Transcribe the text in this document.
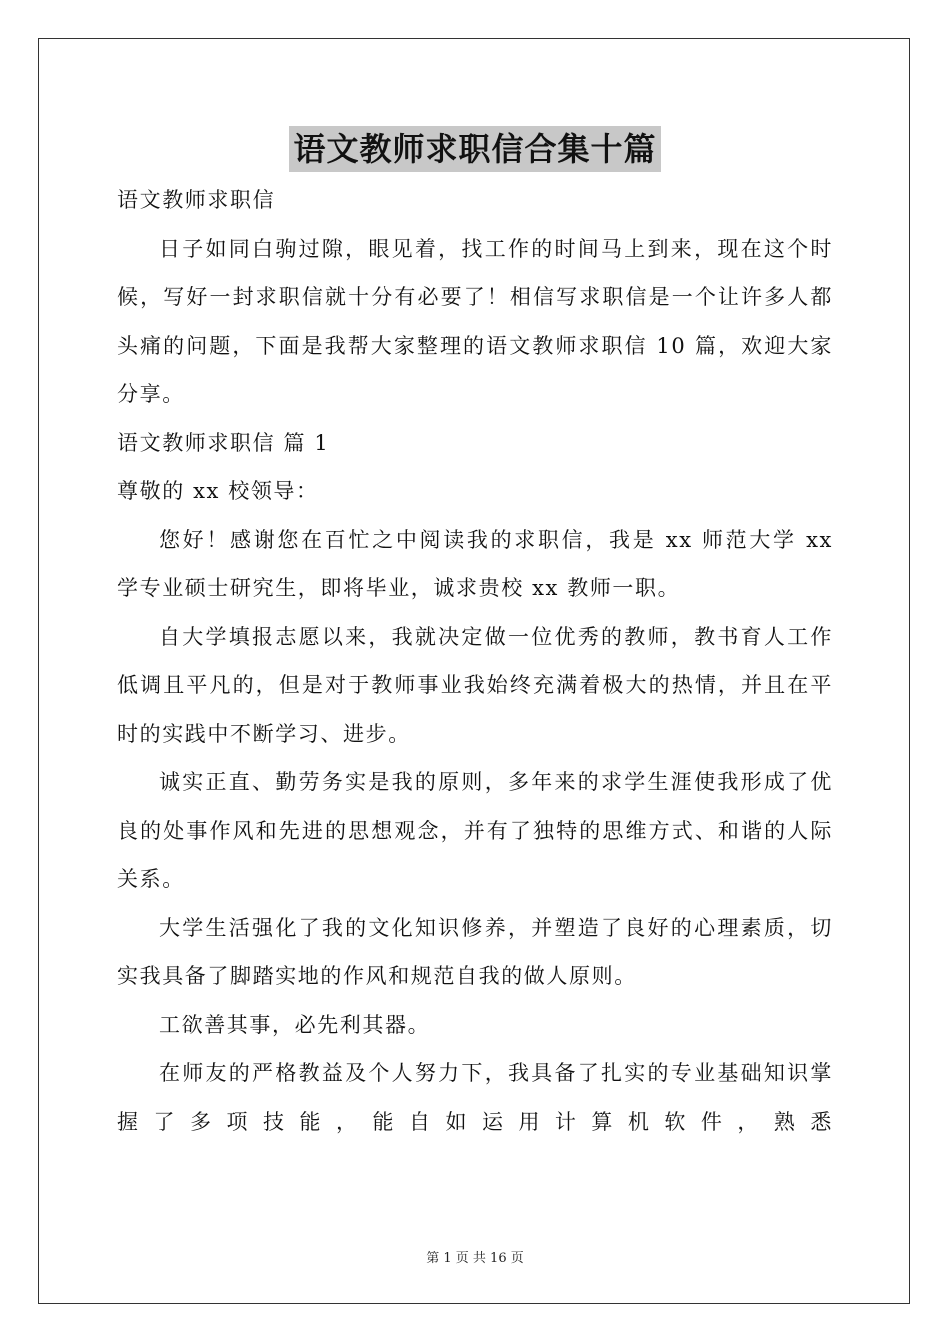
语文教师求职信合集十篇

语文教师求职信

日子如同白驹过隙，眼见着，找工作的时间马上到来，现在这个时候，写好一封求职信就十分有必要了！相信写求职信是一个让许多人都头痛的问题，下面是我帮大家整理的语文教师求职信 10 篇，欢迎大家分享。

语文教师求职信 篇 1

尊敬的 xx 校领导：

您好！感谢您在百忙之中阅读我的求职信，我是 xx 师范大学 xx 学专业硕士研究生，即将毕业，诚求贵校 xx 教师一职。

自大学填报志愿以来，我就决定做一位优秀的教师，教书育人工作低调且平凡的，但是对于教师事业我始终充满着极大的热情，并且在平时的实践中不断学习、进步。

诚实正直、勤劳务实是我的原则，多年来的求学生涯使我形成了优良的处事作风和先进的思想观念，并有了独特的思维方式、和谐的人际关系。

大学生活强化了我的文化知识修养，并塑造了良好的心理素质，切实我具备了脚踏实地的作风和规范自我的做人原则。

工欲善其事，必先利其器。

在师友的严格教益及个人努力下，我具备了扎实的专业基础知识掌握了多项技能，能自如运用计算机软件，熟悉

第 1 页 共 16 页
